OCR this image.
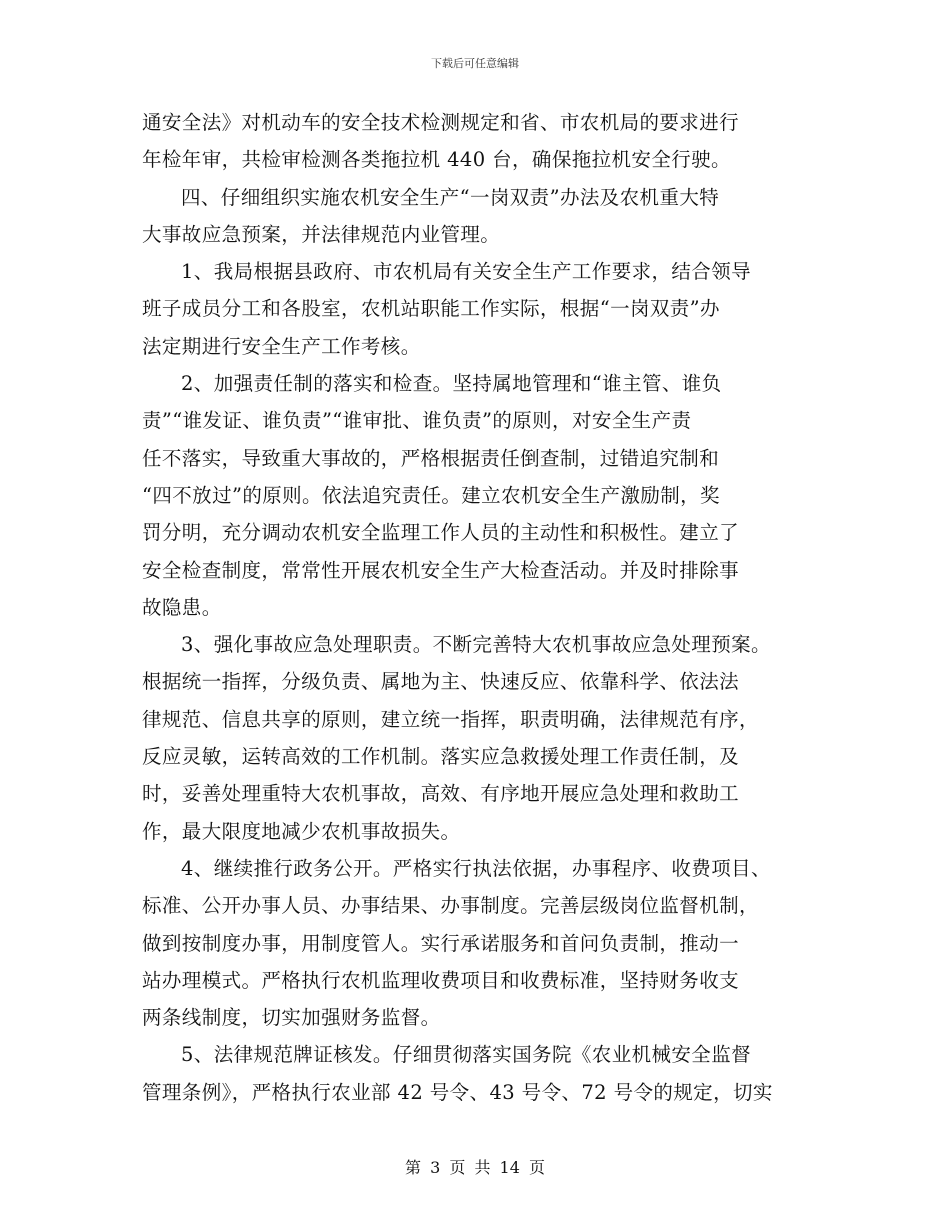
下载后可任意编辑
通安全法》对机动车的安全技术检测规定和省、市农机局的要求进行
年检年审，共检审检测各类拖拉机 440 台，确保拖拉机安全行驶。
四、仔细组织实施农机安全生产“一岗双责”办法及农机重大特
大事故应急预案，并法律规范内业管理。
1、我局根据县政府、市农机局有关安全生产工作要求，结合领导
班子成员分工和各股室，农机站职能工作实际，根据“一岗双责”办
法定期进行安全生产工作考核。
2、加强责任制的落实和检查。坚持属地管理和“谁主管、谁负
责”“谁发证、谁负责”“谁审批、谁负责”的原则，对安全生产责
任不落实，导致重大事故的，严格根据责任倒查制，过错追究制和
“四不放过”的原则。依法追究责任。建立农机安全生产激励制，奖
罚分明，充分调动农机安全监理工作人员的主动性和积极性。建立了
安全检查制度，常常性开展农机安全生产大检查活动。并及时排除事
故隐患。
3、强化事故应急处理职责。不断完善特大农机事故应急处理预案。
根据统一指挥，分级负责、属地为主、快速反应、依靠科学、依法法
律规范、信息共享的原则，建立统一指挥，职责明确，法律规范有序，
反应灵敏，运转高效的工作机制。落实应急救援处理工作责任制，及
时，妥善处理重特大农机事故，高效、有序地开展应急处理和救助工
作，最大限度地减少农机事故损失。
4、继续推行政务公开。严格实行执法依据，办事程序、收费项目、
标准、公开办事人员、办事结果、办事制度。完善层级岗位监督机制，
做到按制度办事，用制度管人。实行承诺服务和首问负责制，推动一
站办理模式。严格执行农机监理收费项目和收费标准，坚持财务收支
两条线制度，切实加强财务监督。
5、法律规范牌证核发。仔细贯彻落实国务院《农业机械安全监督
管理条例》，严格执行农业部 42 号令、43 号令、72 号令的规定，切实
第 3 页 共 14 页
